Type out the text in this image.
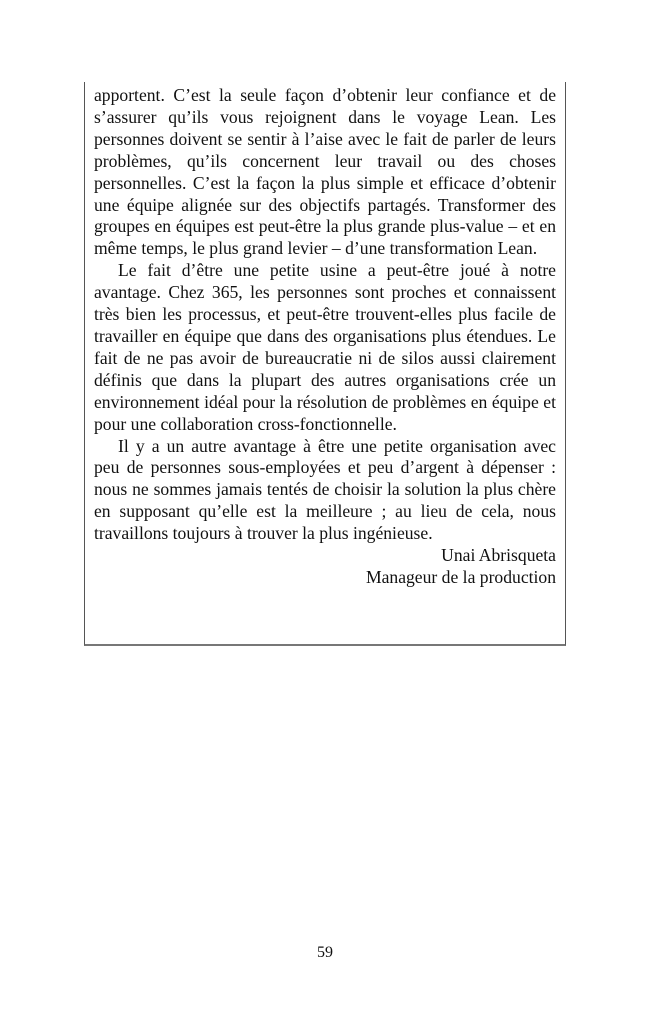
apportent. C’est la seule façon d’obtenir leur confiance et de s’assurer qu’ils vous rejoignent dans le voyage Lean. Les personnes doivent se sentir à l’aise avec le fait de parler de leurs problèmes, qu’ils concernent leur travail ou des choses personnelles. C’est la façon la plus simple et efficace d’obtenir une équipe alignée sur des objectifs partagés. Transformer des groupes en équipes est peut-être la plus grande plus-value – et en même temps, le plus grand levier – d’une transformation Lean.

Le fait d’être une petite usine a peut-être joué à notre avantage. Chez 365, les personnes sont proches et connaissent très bien les processus, et peut-être trouvent-elles plus facile de travailler en équipe que dans des organisations plus étendues. Le fait de ne pas avoir de bureaucratie ni de silos aussi clairement définis que dans la plupart des autres organisations crée un environnement idéal pour la résolution de problèmes en équipe et pour une collaboration cross-fonctionnelle.

Il y a un autre avantage à être une petite organisation avec peu de personnes sous-employées et peu d’argent à dépenser : nous ne sommes jamais tentés de choisir la solution la plus chère en supposant qu’elle est la meilleure ; au lieu de cela, nous travaillons toujours à trouver la plus ingénieuse.

Unai Abrisqueta

Manageur de la production

59
